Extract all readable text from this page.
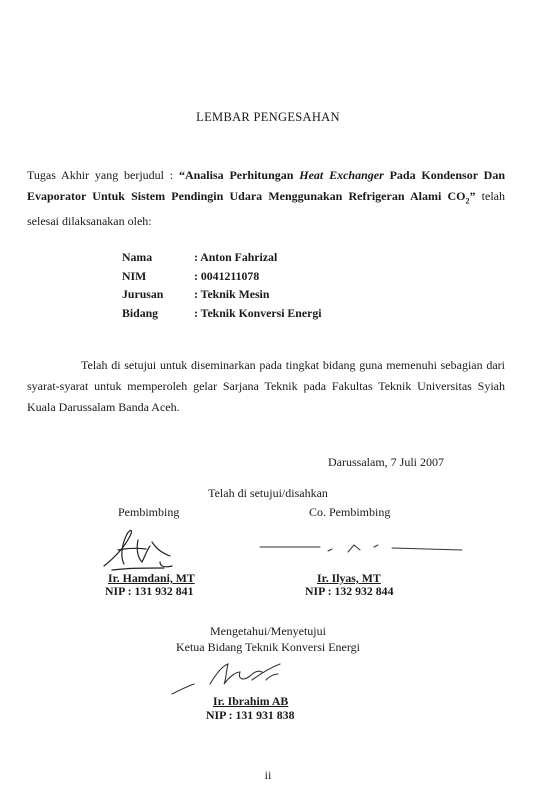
LEMBAR PENGESAHAN
Tugas Akhir yang berjudul : “Analisa Perhitungan Heat Exchanger Pada Kondensor Dan Evaporator Untuk Sistem Pendingin Udara Menggunakan Refrigeran Alami $CO_2$” telah selesai dilaksanakan oleh:
Nama	: Anton Fahrizal
NIM	: 0041211078
Jurusan	: Teknik Mesin
Bidang	: Teknik Konversi Energi
Telah di setujui untuk diseminarkan pada tingkat bidang guna memenuhi sebagian dari syarat-syarat untuk memperoleh gelar Sarjana Teknik pada Fakultas Teknik Universitas Syiah Kuala Darussalam Banda Aceh.
Darussalam, 7 Juli 2007
Telah di setujui/disahkan
Pembimbing	Co. Pembimbing
Ir. Hamdani, MT
NIP : 131 932 841
Ir. Ilyas, MT
NIP : 132 932 844
Mengetahui/Menyetujui
Ketua Bidang Teknik Konversi Energi
Ir. Ibrahim AB
NIP : 131 931 838
ii
